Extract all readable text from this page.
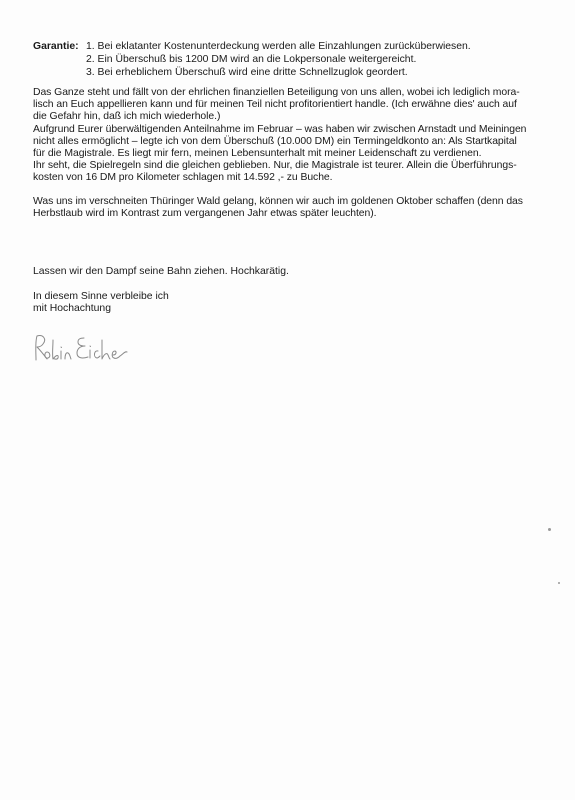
Garantie: 1. Bei eklatanter Kostenunterdeckung werden alle Einzahlungen zurücküberwiesen.
2. Ein Überschuß bis 1200 DM wird an die Lokpersonale weitergereicht.
3. Bei erheblichem Überschuß wird eine dritte Schnellzuglok geordert.
Das Ganze steht und fällt von der ehrlichen finanziellen Beteiligung von uns allen, wobei ich lediglich mora-
lisch an Euch appellieren kann und für meinen Teil nicht profitorientiert handle. (Ich erwähne dies' auch auf
die Gefahr hin, daß ich mich wiederhole.)
Aufgrund Eurer überwältigenden Anteilnahme im Februar – was haben wir zwischen Arnstadt und Meiningen
nicht alles ermöglicht – legte ich von dem Überschuß (10.000 DM) ein Termingeldkonto an: Als Startkapital
für die Magistrale. Es liegt mir fern, meinen Lebensunterhalt mit meiner Leidenschaft zu verdienen.
Ihr seht, die Spielregeln sind die gleichen geblieben. Nur, die Magistrale ist teurer. Allein die Überführungs-
kosten von 16 DM pro Kilometer schlagen mit 14.592 ,- zu Buche.
Was uns im verschneiten Thüringer Wald gelang, können wir auch im goldenen Oktober schaffen (denn das
Herbstlaub wird im Kontrast zum vergangenen Jahr etwas später leuchten).
Lassen wir den Dampf seine Bahn ziehen. Hochkarätig.
In diesem Sinne verbleibe ich
mit Hochachtung
